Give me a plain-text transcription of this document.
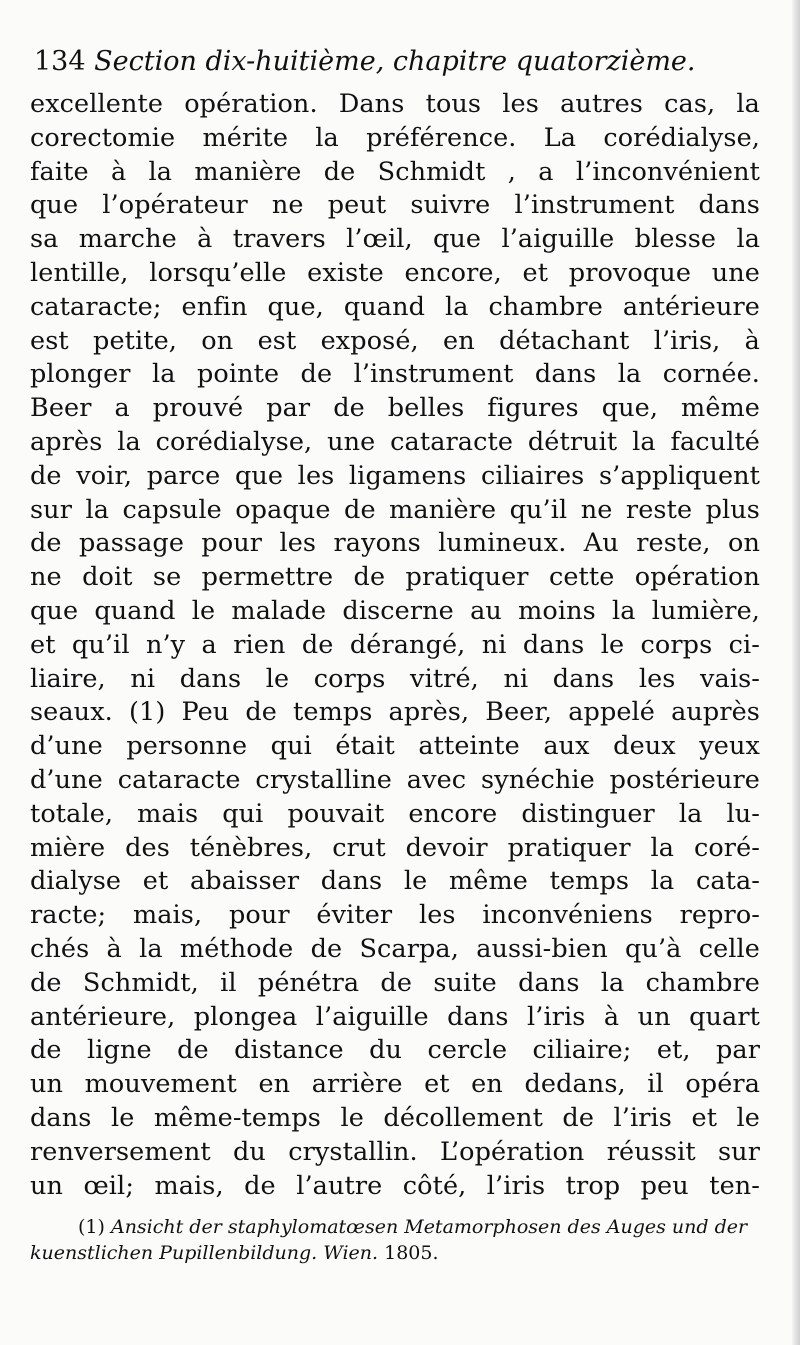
134 Section dix-huitième, chapitre quatorzième.
excellente opération. Dans tous les autres cas, la
corectomie mérite la préférence. La corédialyse,
faite à la manière de Schmidt , a l’inconvénient
que l’opérateur ne peut suivre l’instrument dans
sa marche à travers l’œil, que l’aiguille blesse la
lentille, lorsqu’elle existe encore, et provoque une
cataracte; enfin que, quand la chambre antérieure
est petite, on est exposé, en détachant l’iris, à
plonger la pointe de l’instrument dans la cornée.
Beer a prouvé par de belles figures que, même
après la corédialyse, une cataracte détruit la faculté
de voir, parce que les ligamens ciliaires s’appliquent
sur la capsule opaque de manière qu’il ne reste plus
de passage pour les rayons lumineux. Au reste, on
ne doit se permettre de pratiquer cette opération
que quand le malade discerne au moins la lumière,
et qu’il n’y a rien de dérangé, ni dans le corps ci-
liaire, ni dans le corps vitré, ni dans les vais-
seaux. (1) Peu de temps après, Beer, appelé auprès
d’une personne qui était atteinte aux deux yeux
d’une cataracte crystalline avec synéchie postérieure
totale, mais qui pouvait encore distinguer la lu-
mière des ténèbres, crut devoir pratiquer la coré-
dialyse et abaisser dans le même temps la cata-
racte; mais, pour éviter les inconvéniens repro-
chés à la méthode de Scarpa, aussi-bien qu’à celle
de Schmidt, il pénétra de suite dans la chambre
antérieure, plongea l’aiguille dans l’iris à un quart
de ligne de distance du cercle ciliaire; et, par
un mouvement en arrière et en dedans, il opéra
dans le même-temps le décollement de l’iris et le
renversement du crystallin. L’opération réussit sur
un œil; mais, de l’autre côté, l’iris trop peu ten-
(1) Ansicht der staphylomatœsen Metamorphosen des Auges und der
kuenstlichen Pupillenbildung. Wien. 1805.
